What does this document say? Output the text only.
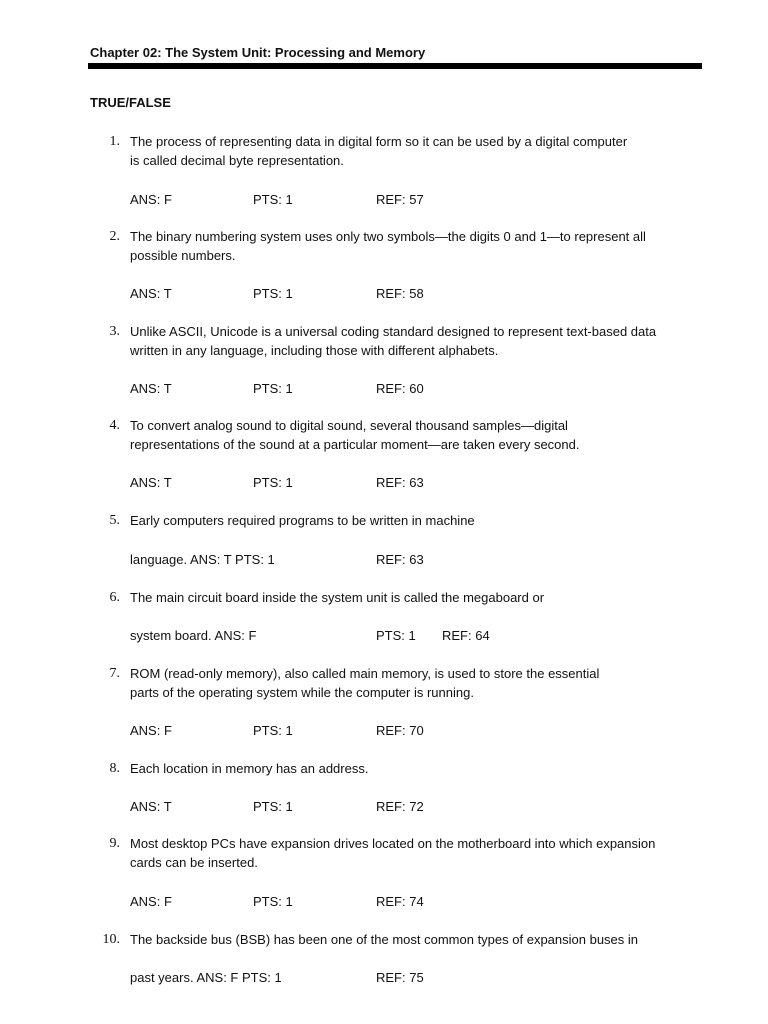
Chapter 02: The System Unit: Processing and Memory
TRUE/FALSE
1. The process of representing data in digital form so it can be used by a digital computer
is called decimal byte representation.
ANS: F	PTS: 1	REF: 57
2. The binary numbering system uses only two symbols—the digits 0 and 1—to represent all
possible numbers.
ANS: T	PTS: 1	REF: 58
3. Unlike ASCII, Unicode is a universal coding standard designed to represent text-based data
written in any language, including those with different alphabets.
ANS: T	PTS: 1	REF: 60
4. To convert analog sound to digital sound, several thousand samples—digital
representations of the sound at a particular moment—are taken every second.
ANS: T	PTS: 1	REF: 63
5. Early computers required programs to be written in machine
language. ANS: T PTS: 1	REF: 63
6. The main circuit board inside the system unit is called the megaboard or
system board. ANS: F	PTS: 1 REF: 64
7. ROM (read-only memory), also called main memory, is used to store the essential
parts of the operating system while the computer is running.
ANS: F	PTS: 1	REF: 70
8. Each location in memory has an address.
ANS: T	PTS: 1	REF: 72
9. Most desktop PCs have expansion drives located on the motherboard into which expansion
cards can be inserted.
ANS: F	PTS: 1	REF: 74
10. The backside bus (BSB) has been one of the most common types of expansion buses in
past years. ANS: F PTS: 1	REF: 75
